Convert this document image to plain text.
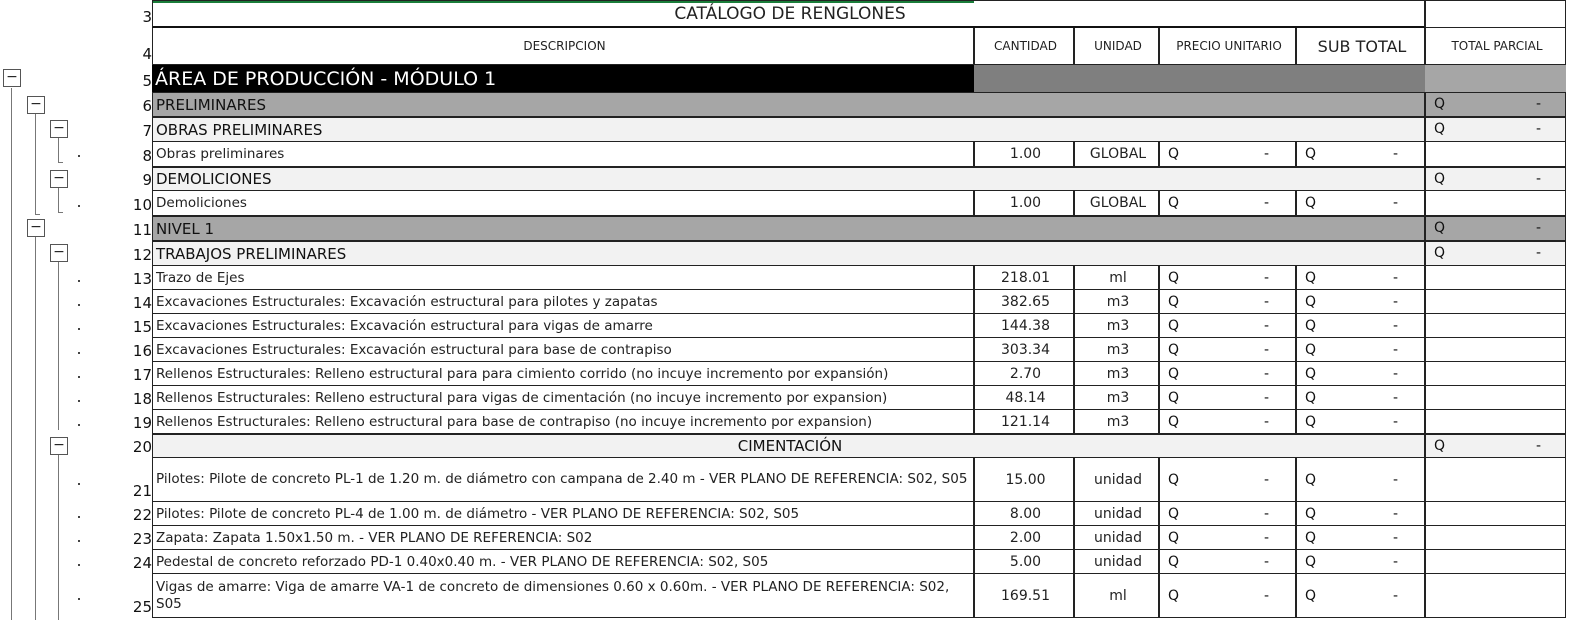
3	CATÁLOGO DE RENGLONES
4	DESCRIPCION	CANTIDAD	UNIDAD	PRECIO UNITARIO	SUB TOTAL	TOTAL PARCIAL
5 ÁREA DE PRODUCCIÓN - MÓDULO 1
6 PRELIMINARES	Q	-
7 OBRAS PRELIMINARES	Q	-
8 Obras preliminares	1.00	GLOBAL	Q	-	Q	-
9 DEMOLICIONES	Q	-
10 Demoliciones	1.00	GLOBAL	Q	-	Q	-
11 NIVEL 1	Q	-
12 TRABAJOS PRELIMINARES	Q	-
13 Trazo de Ejes	218.01	ml	Q	-	Q	-
14 Excavaciones Estructurales: Excavación estructural para pilotes y zapatas	382.65	m3	Q	-	Q	-
15 Excavaciones Estructurales: Excavación estructural para vigas de amarre	144.38	m3	Q	-	Q	-
16 Excavaciones Estructurales: Excavación estructural para base de contrapiso	303.34	m3	Q	-	Q	-
17 Rellenos Estructurales: Relleno estructural para para cimiento corrido (no incuye incremento por expansión)	2.70	m3	Q	-	Q	-
18 Rellenos Estructurales: Relleno estructural para vigas de cimentación (no incuye incremento por expansion)	48.14	m3	Q	-	Q	-
19 Rellenos Estructurales: Relleno estructural para base de contrapiso (no incuye incremento por expansion)	121.14	m3	Q	-	Q	-
20	CIMENTACIÓN	Q	-
21
Pilotes: Pilote de concreto PL-1 de 1.20 m. de diámetro con campana de 2.40 m - VER PLANO DE REFERENCIA: S02, S05	15.00	unidad	Q	-	Q	-
22 Pilotes: Pilote de concreto PL-4 de 1.00 m. de diámetro - VER PLANO DE REFERENCIA: S02, S05	8.00	unidad	Q	-	Q	-
23 Zapata: Zapata 1.50x1.50 m. - VER PLANO DE REFERENCIA: S02	2.00	unidad	Q	-	Q	-
24 Pedestal de concreto reforzado PD-1 0.40x0.40 m. - VER PLANO DE REFERENCIA: S02, S05	5.00	unidad	Q	-	Q	-
25
Vigas de amarre: Viga de amarre VA-1 de concreto de dimensiones 0.60 x 0.60m. - VER PLANO DE REFERENCIA: S02, S05	169.51	ml	Q	-	Q	-
−
−
−
−
−
−
−
